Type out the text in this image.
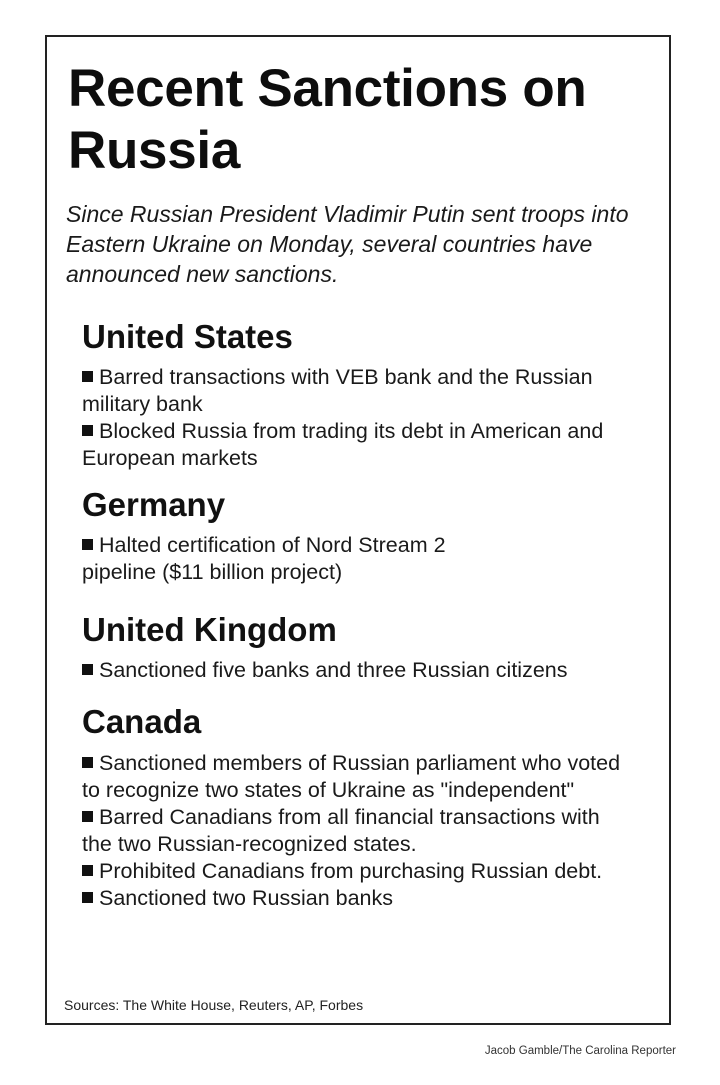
Recent Sanctions on Russia

Since Russian President Vladimir Putin sent troops into Eastern Ukraine on Monday, several countries have announced new sanctions.

United States
Barred transactions with VEB bank and the Russian military bank
Blocked Russia from trading its debt in American and European markets
Germany
Halted certification of Nord Stream 2 pipeline ($11 billion project)
United Kingdom
Sanctioned five banks and three Russian citizens
Canada
Sanctioned members of Russian parliament who voted to recognize two states of Ukraine as "independent"
Barred Canadians from all financial transactions with the two Russian-recognized states.
Prohibited Canadians from purchasing Russian debt.
Sanctioned two Russian banks

Sources: The White House, Reuters, AP, Forbes

Jacob Gamble/The Carolina Reporter
